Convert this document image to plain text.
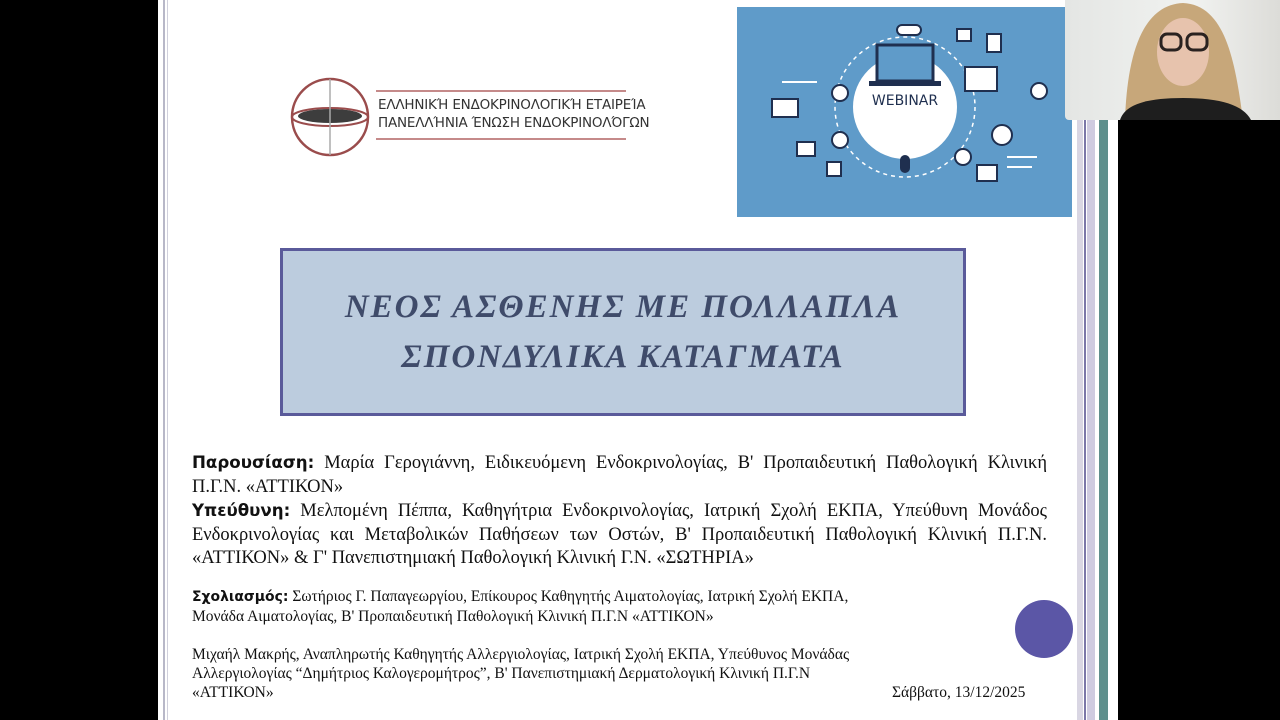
ΕΛΛΗΝΙΚΉ ΕΝΔΟΚΡΙΝΟΛΟΓΙΚΉ ΕΤΑΙΡΕΊΑ
ΠΑΝΕΛΛΉΝΙΑ ΈΝΩΣΗ ΕΝΔΟΚΡΙΝΟΛΌΓΩΝ
WEBINAR
ΝΕΟΣ ΑΣΘΕΝΗΣ ΜΕ ΠΟΛΛΑΠΛΑ
ΣΠΟΝΔΥΛΙΚΑ ΚΑΤΑΓΜΑΤΑ
Παρουσίαση: Μαρία Γερογιάννη, Ειδικευόμενη Ενδοκρινολογίας, Β' Προπαιδευτική Παθολογική Κλινική Π.Γ.Ν. «ΑΤΤΙΚΟΝ»
Υπεύθυνη: Μελπομένη Πέππα, Καθηγήτρια Ενδοκρινολογίας, Ιατρική Σχολή ΕΚΠΑ, Υπεύθυνη Μονάδος Ενδοκρινολογίας και Μεταβολικών Παθήσεων των Οστών, Β' Προπαιδευτική Παθολογική Κλινική Π.Γ.Ν. «ΑΤΤΙΚΟΝ» & Γ' Πανεπιστημιακή Παθολογική Κλινική Γ.Ν. «ΣΩΤΗΡΙΑ»
Σχολιασμός: Σωτήριος Γ. Παπαγεωργίου, Επίκουρος Καθηγητής Αιματολογίας, Ιατρική Σχολή ΕΚΠΑ, Μονάδα Αιματολογίας, Β' Προπαιδευτική Παθολογική Κλινική Π.Γ.Ν «ΑΤΤΙΚΟΝ»
Μιχαήλ Μακρής, Αναπληρωτής Καθηγητής Αλλεργιολογίας, Ιατρική Σχολή ΕΚΠΑ, Υπεύθυνος Μονάδας Αλλεργιολογίας “Δημήτριος Καλογερομήτρος”, Β' Πανεπιστημιακή Δερματολογική Κλινική Π.Γ.Ν «ΑΤΤΙΚΟΝ»	Σάββατο, 13/12/2025
